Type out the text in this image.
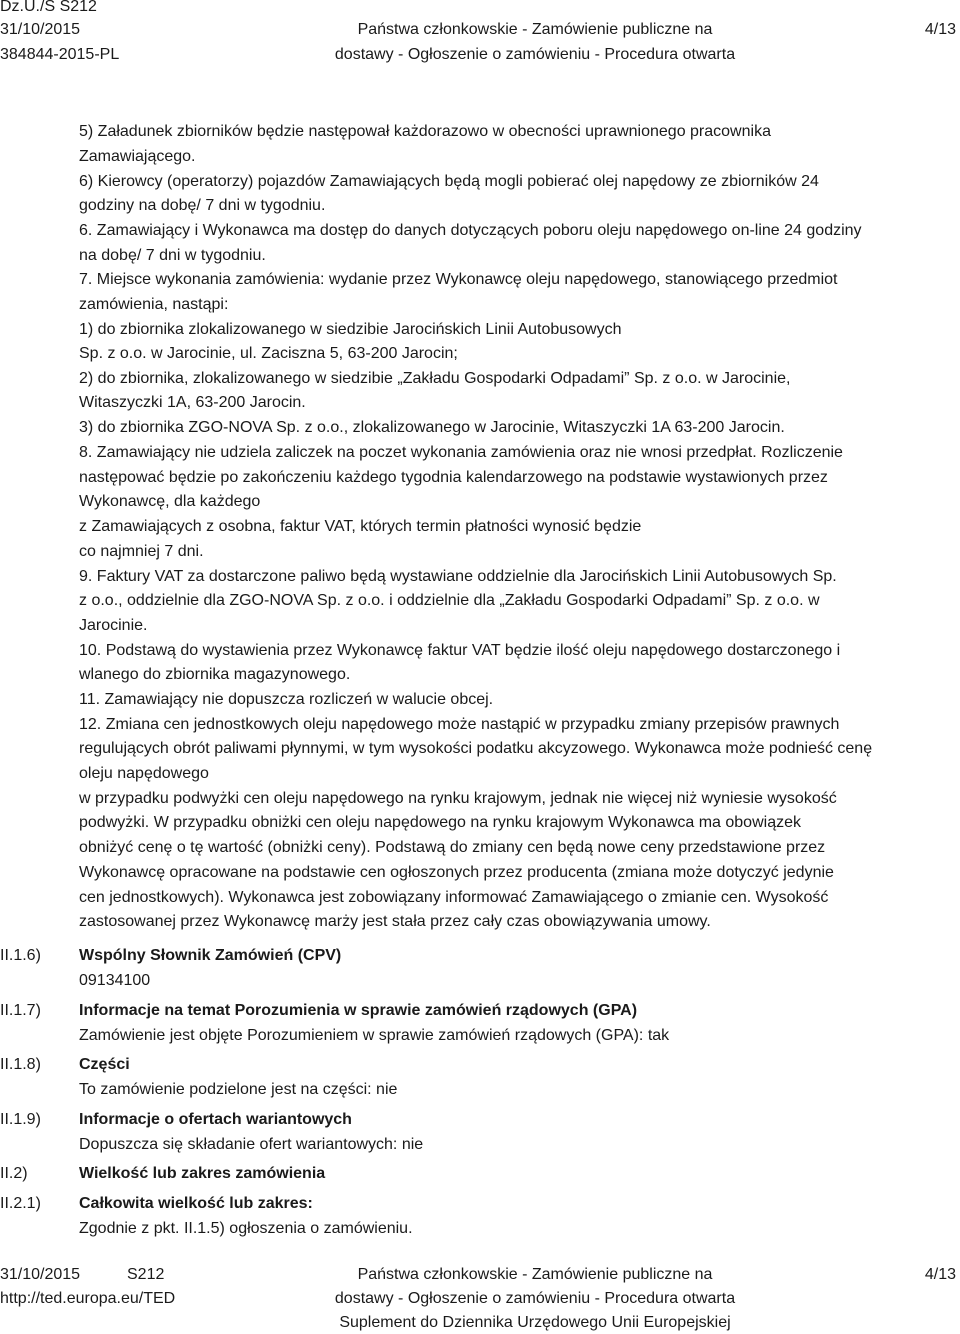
Dz.U./S S212
31/10/2015
384844-2015-PL
Państwa członkowskie - Zamówienie publiczne na
dostawy - Ogłoszenie o zamówieniu - Procedura otwarta
4/13
5) Załadunek zbiorników będzie następował każdorazowo w obecności uprawnionego pracownika
Zamawiającego.
6) Kierowcy (operatorzy) pojazdów Zamawiających będą mogli pobierać olej napędowy ze zbiorników 24
godziny na dobę/ 7 dni w tygodniu.
6. Zamawiający i Wykonawca ma dostęp do danych dotyczących poboru oleju napędowego on-line 24 godziny
na dobę/ 7 dni w tygodniu.
7. Miejsce wykonania zamówienia: wydanie przez Wykonawcę oleju napędowego, stanowiącego przedmiot
zamówienia, nastąpi:
1) do zbiornika zlokalizowanego w siedzibie Jarocińskich Linii Autobusowych
Sp. z o.o. w Jarocinie, ul. Zaciszna 5, 63-200 Jarocin;
2) do zbiornika, zlokalizowanego w siedzibie „Zakładu Gospodarki Odpadami” Sp. z o.o. w Jarocinie,
Witaszyczki 1A, 63-200 Jarocin.
3) do zbiornika ZGO-NOVA Sp. z o.o., zlokalizowanego w Jarocinie, Witaszyczki 1A 63-200 Jarocin.
8. Zamawiający nie udziela zaliczek na poczet wykonania zamówienia oraz nie wnosi przedpłat. Rozliczenie
następować będzie po zakończeniu każdego tygodnia kalendarzowego na podstawie wystawionych przez
Wykonawcę, dla każdego
z Zamawiających z osobna, faktur VAT, których termin płatności wynosić będzie
co najmniej 7 dni.
9. Faktury VAT za dostarczone paliwo będą wystawiane oddzielnie dla Jarocińskich Linii Autobusowych Sp.
z o.o., oddzielnie dla ZGO-NOVA Sp. z o.o. i oddzielnie dla „Zakładu Gospodarki Odpadami” Sp. z o.o. w
Jarocinie.
10. Podstawą do wystawienia przez Wykonawcę faktur VAT będzie ilość oleju napędowego dostarczonego i
wlanego do zbiornika magazynowego.
11. Zamawiający nie dopuszcza rozliczeń w walucie obcej.
12. Zmiana cen jednostkowych oleju napędowego może nastąpić w przypadku zmiany przepisów prawnych
regulujących obrót paliwami płynnymi, w tym wysokości podatku akcyzowego. Wykonawca może podnieść cenę
oleju napędowego
w przypadku podwyżki cen oleju napędowego na rynku krajowym, jednak nie więcej niż wyniesie wysokość
podwyżki. W przypadku obniżki cen oleju napędowego na rynku krajowym Wykonawca ma obowiązek
obniżyć cenę o tę wartość (obniżki ceny). Podstawą do zmiany cen będą nowe ceny przedstawione przez
Wykonawcę opracowane na podstawie cen ogłoszonych przez producenta (zmiana może dotyczyć jedynie
cen jednostkowych). Wykonawca jest zobowiązany informować Zamawiającego o zmianie cen. Wysokość
zastosowanej przez Wykonawcę marży jest stała przez cały czas obowiązywania umowy.
II.1.6)	Wspólny Słownik Zamówień (CPV)
09134100
II.1.7)	Informacje na temat Porozumienia w sprawie zamówień rządowych (GPA)
Zamówienie jest objęte Porozumieniem w sprawie zamówień rządowych (GPA): tak
II.1.8)	Części
To zamówienie podzielone jest na części: nie
II.1.9)	Informacje o ofertach wariantowych
Dopuszcza się składanie ofert wariantowych: nie
II.2)	Wielkość lub zakres zamówienia
II.2.1)	Całkowita wielkość lub zakres:
Zgodnie z pkt. II.1.5) ogłoszenia o zamówieniu.
31/10/2015	S212
http://ted.europa.eu/TED
Państwa członkowskie - Zamówienie publiczne na
dostawy - Ogłoszenie o zamówieniu - Procedura otwarta
Suplement do Dziennika Urzędowego Unii Europejskiej
4/13
